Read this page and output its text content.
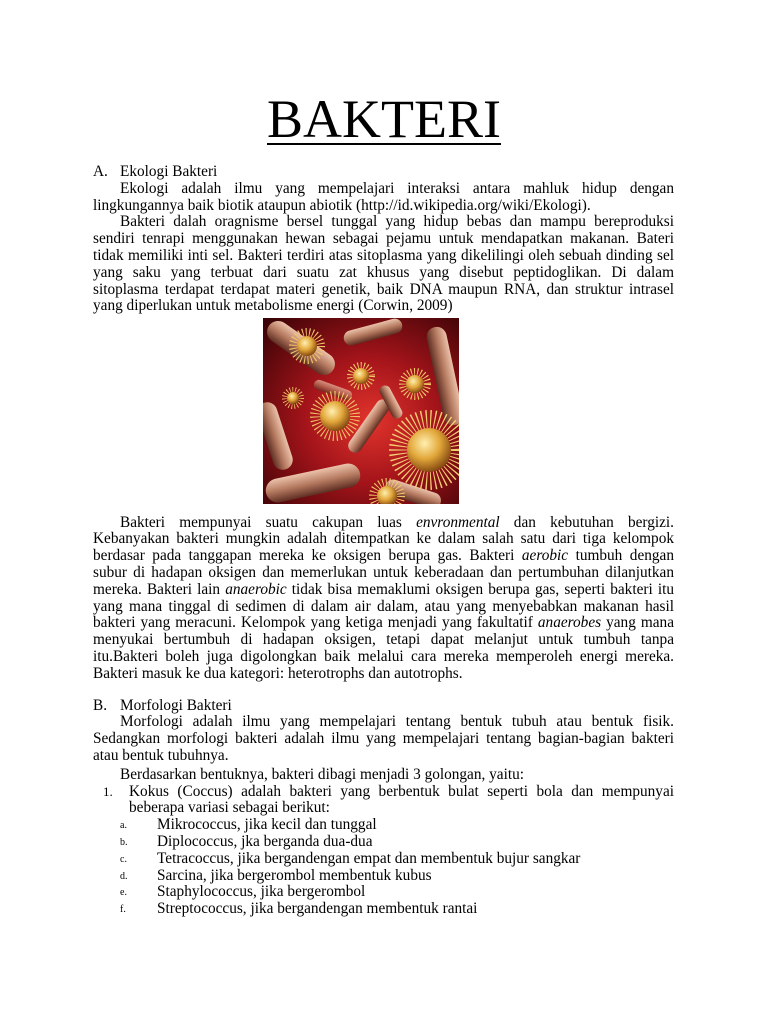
BAKTERI
A. Ekologi Bakteri
Ekologi adalah ilmu yang mempelajari interaksi antara mahluk hidup dengan
lingkungannya baik biotik ataupun abiotik (http://id.wikipedia.org/wiki/Ekologi).
Bakteri dalah oragnisme bersel tunggal yang hidup bebas dan mampu bereproduksi
sendiri tenrapi menggunakan hewan sebagai pejamu untuk mendapatkan makanan. Bateri
tidak memiliki inti sel. Bakteri terdiri atas sitoplasma yang dikelilingi oleh sebuah dinding sel
yang saku yang terbuat dari suatu zat khusus yang disebut peptidoglikan. Di dalam
sitoplasma terdapat terdapat materi genetik, baik DNA maupun RNA, dan struktur intrasel
yang diperlukan untuk metabolisme energi (Corwin, 2009)
Bakteri mempunyai suatu cakupan luas envronmental dan kebutuhan bergizi.
Kebanyakan bakteri mungkin adalah ditempatkan ke dalam salah satu dari tiga kelompok
berdasar pada tanggapan mereka ke oksigen berupa gas. Bakteri aerobic tumbuh dengan
subur di hadapan oksigen dan memerlukan untuk keberadaan dan pertumbuhan dilanjutkan
mereka. Bakteri lain anaerobic tidak bisa memaklumi oksigen berupa gas, seperti bakteri itu
yang mana tinggal di sedimen di dalam air dalam, atau yang menyebabkan makanan hasil
bakteri yang meracuni. Kelompok yang ketiga menjadi yang fakultatif anaerobes yang mana
menyukai bertumbuh di hadapan oksigen, tetapi dapat melanjut untuk tumbuh tanpa
itu.Bakteri boleh juga digolongkan baik melalui cara mereka memperoleh energi mereka.
Bakteri masuk ke dua kategori: heterotrophs dan autotrophs.
B. Morfologi Bakteri
Morfologi adalah ilmu yang mempelajari tentang bentuk tubuh atau bentuk fisik.
Sedangkan morfologi bakteri adalah ilmu yang mempelajari tentang bagian-bagian bakteri
atau bentuk tubuhnya.
Berdasarkan bentuknya, bakteri dibagi menjadi 3 golongan, yaitu:
1.	Kokus (Coccus) adalah bakteri yang berbentuk bulat seperti bola dan mempunyai
beberapa variasi sebagai berikut:
a. Mikrococcus, jika kecil dan tunggal
b. Diplococcus, jka berganda dua-dua
c. Tetracoccus, jika bergandengan empat dan membentuk bujur sangkar
d. Sarcina, jika bergerombol membentuk kubus
e. Staphylococcus, jika bergerombol
f. Streptococcus, jika bergandengan membentuk rantai
